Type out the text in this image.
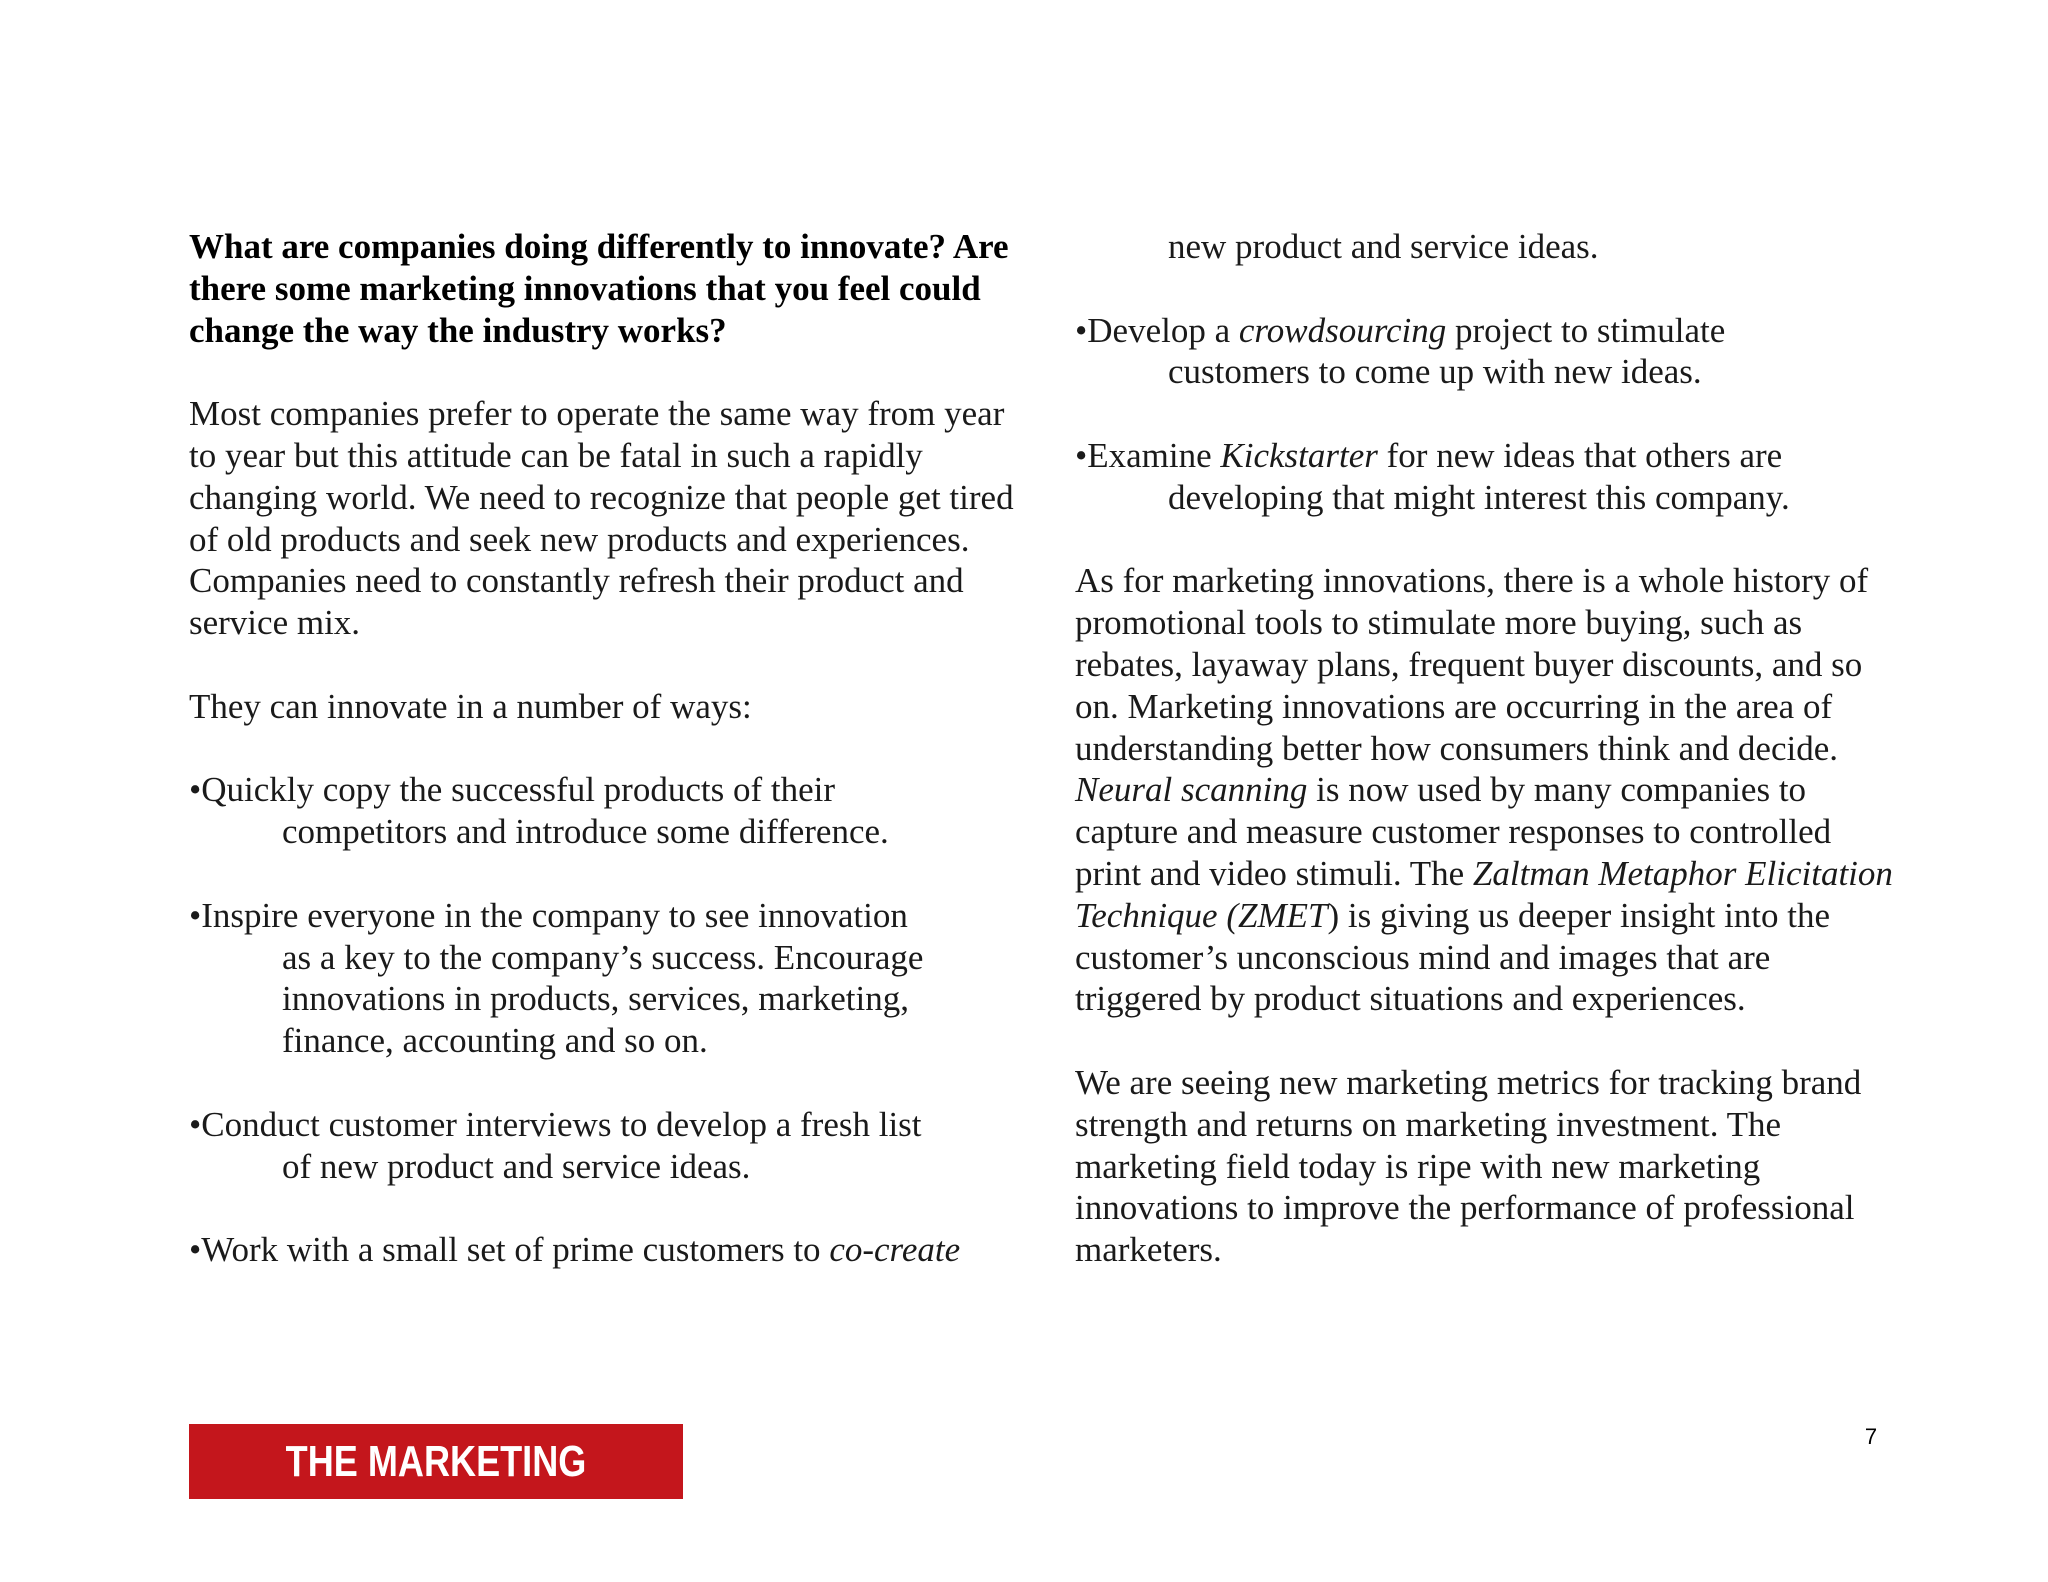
What are companies doing differently to innovate? Are there some marketing innovations that you feel could change the way the industry works?

Most companies prefer to operate the same way from year to year but this attitude can be fatal in such a rapidly changing world. We need to recognize that people get tired of old products and seek new products and experiences. Companies need to constantly refresh their product and service mix.

They can innovate in a number of ways:

•Quickly copy the successful products of their

competitors and introduce some difference.

•Inspire everyone in the company to see innovation

as a key to the company’s success. Encourage innovations in products, services, marketing, finance, accounting and so on.

•Conduct customer interviews to develop a fresh list

of new product and service ideas.

•Work with a small set of prime customers to co-create

new product and service ideas.

•Develop a crowdsourcing project to stimulate

customers to come up with new ideas.

•Examine Kickstarter for new ideas that others are

developing that might interest this company.

As for marketing innovations, there is a whole history of promotional tools to stimulate more buying, such as rebates, layaway plans, frequent buyer discounts, and so on. Marketing innovations are occurring in the area of understanding better how consumers think and decide. Neural scanning is now used by many companies to capture and measure customer responses to controlled print and video stimuli. The Zaltman Metaphor Elicitation Technique (ZMET) is giving us deeper insight into the customer’s unconscious mind and images that are triggered by product situations and experiences.

We are seeing new marketing metrics for tracking brand strength and returns on marketing investment. The marketing field today is ripe with new marketing innovations to improve the performance of professional marketers.

THE MARKETING JOURNAL
7
